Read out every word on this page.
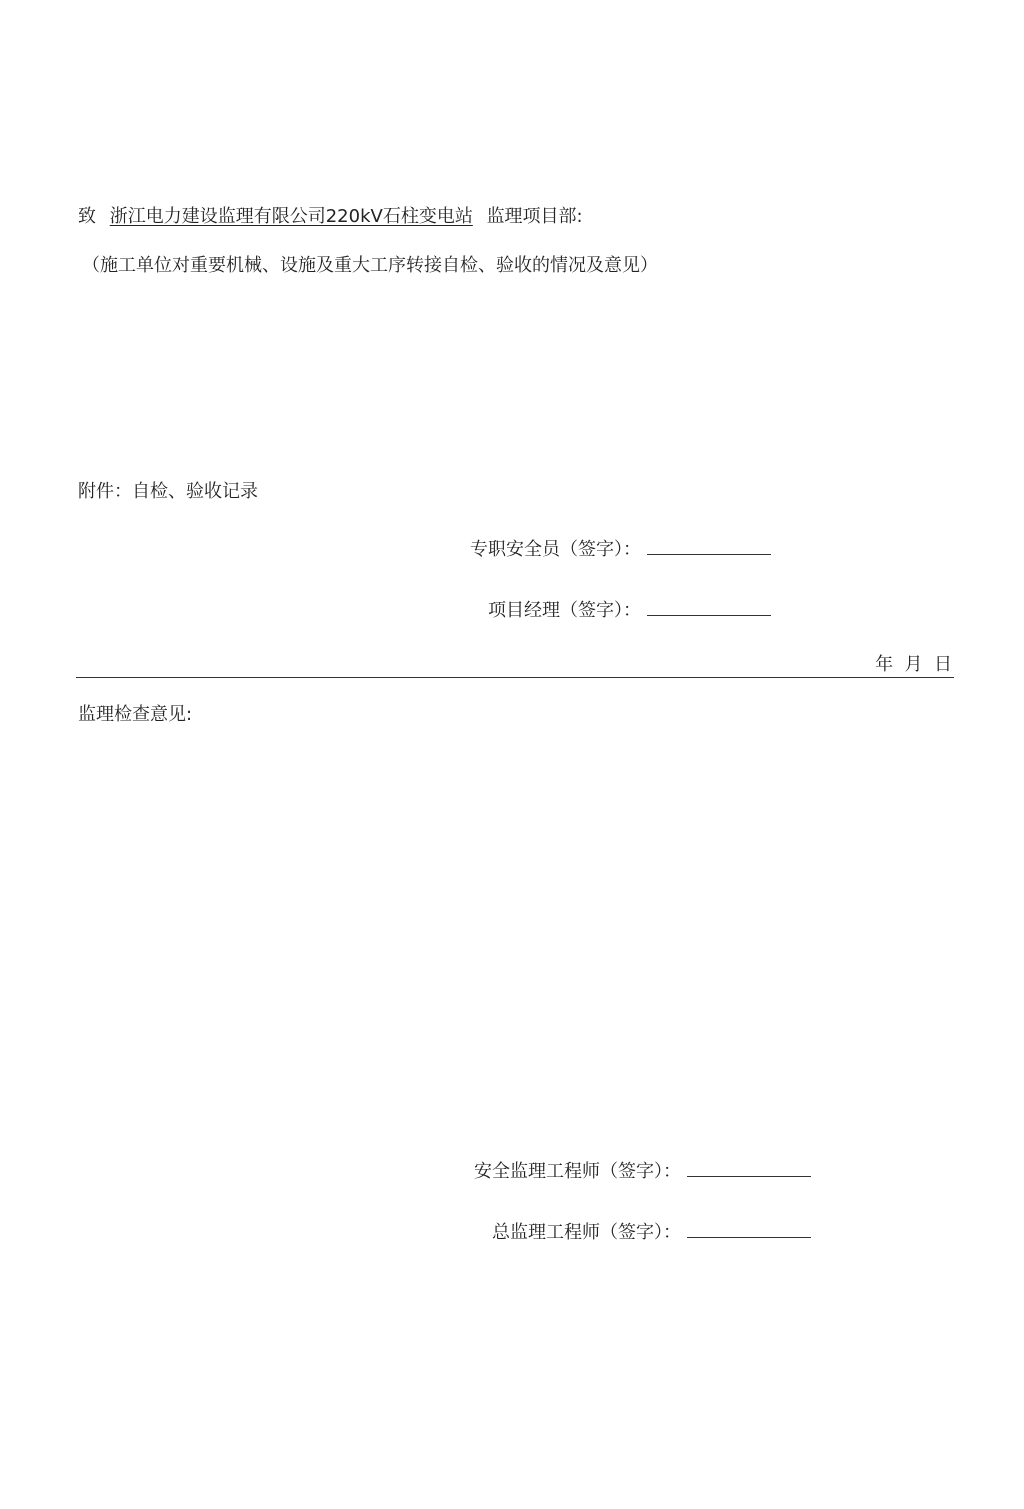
致 浙江电力建设监理有限公司220kV石柱变电站 监理项目部:
（施工单位对重要机械、设施及重大工序转接自检、验收的情况及意见）
附件：自检、验收记录
专职安全员（签字）：
项目经理（签字）：
年  月  日
监理检查意见:
安全监理工程师（签字）：
总监理工程师（签字）：
